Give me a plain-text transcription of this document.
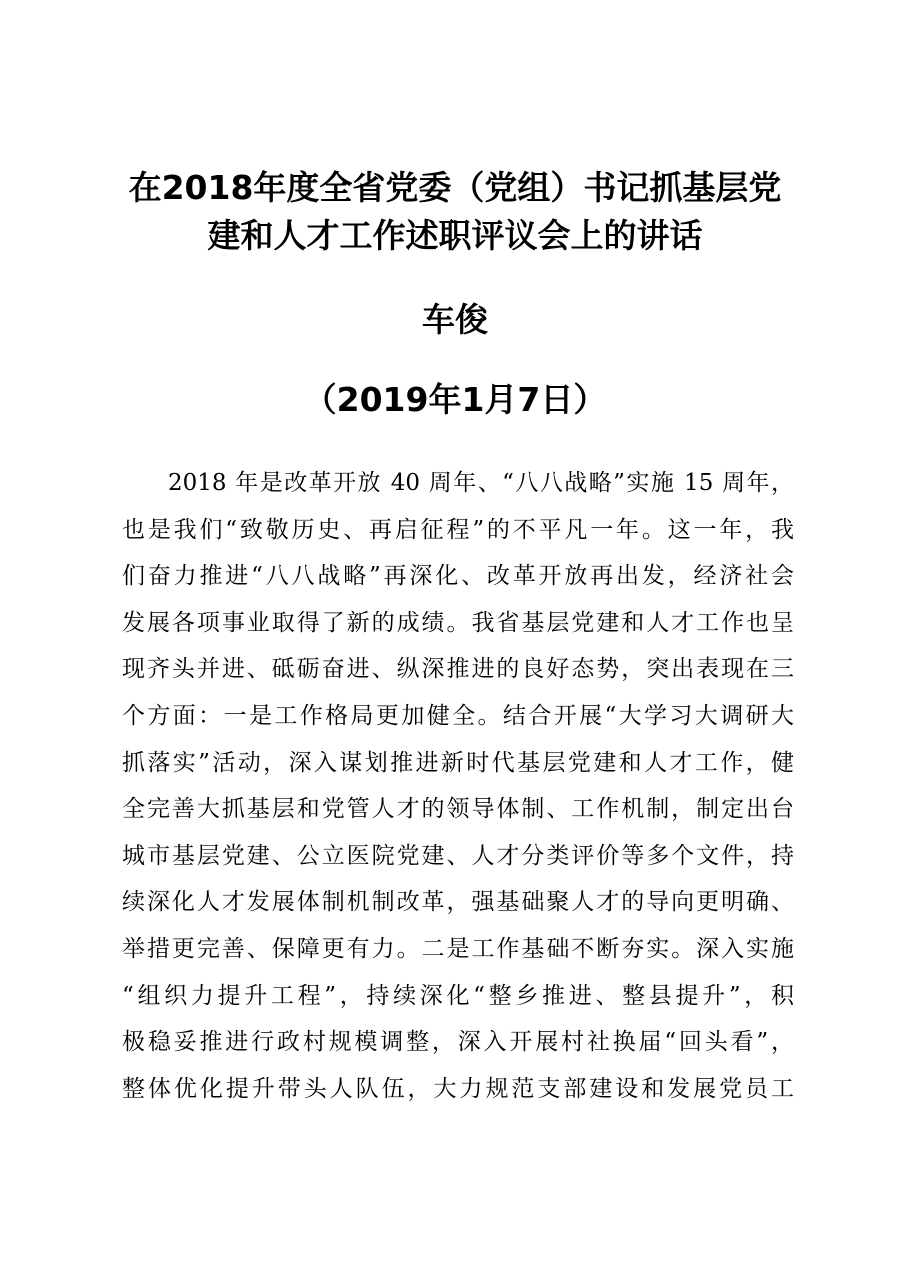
在2018年度全省党委（党组）书记抓基层党
建和人才工作述职评议会上的讲话
车俊
（2019年1月7日）
2018 年是改革开放 40 周年、“八八战略”实施 15 周年，
也是我们“致敬历史、再启征程”的不平凡一年。这一年，我
们奋力推进“八八战略”再深化、改革开放再出发，经济社会
发展各项事业取得了新的成绩。我省基层党建和人才工作也呈
现齐头并进、砥砺奋进、纵深推进的良好态势，突出表现在三
个方面：一是工作格局更加健全。结合开展“大学习大调研大
抓落实”活动，深入谋划推进新时代基层党建和人才工作，健
全完善大抓基层和党管人才的领导体制、工作机制，制定出台
城市基层党建、公立医院党建、人才分类评价等多个文件，持
续深化人才发展体制机制改革，强基础聚人才的导向更明确、
举措更完善、保障更有力。二是工作基础不断夯实。深入实施
“组织力提升工程”，持续深化“整乡推进、整县提升”，积
极稳妥推进行政村规模调整，深入开展村社换届“回头看”，
整体优化提升带头人队伍，大力规范支部建设和发展党员工
